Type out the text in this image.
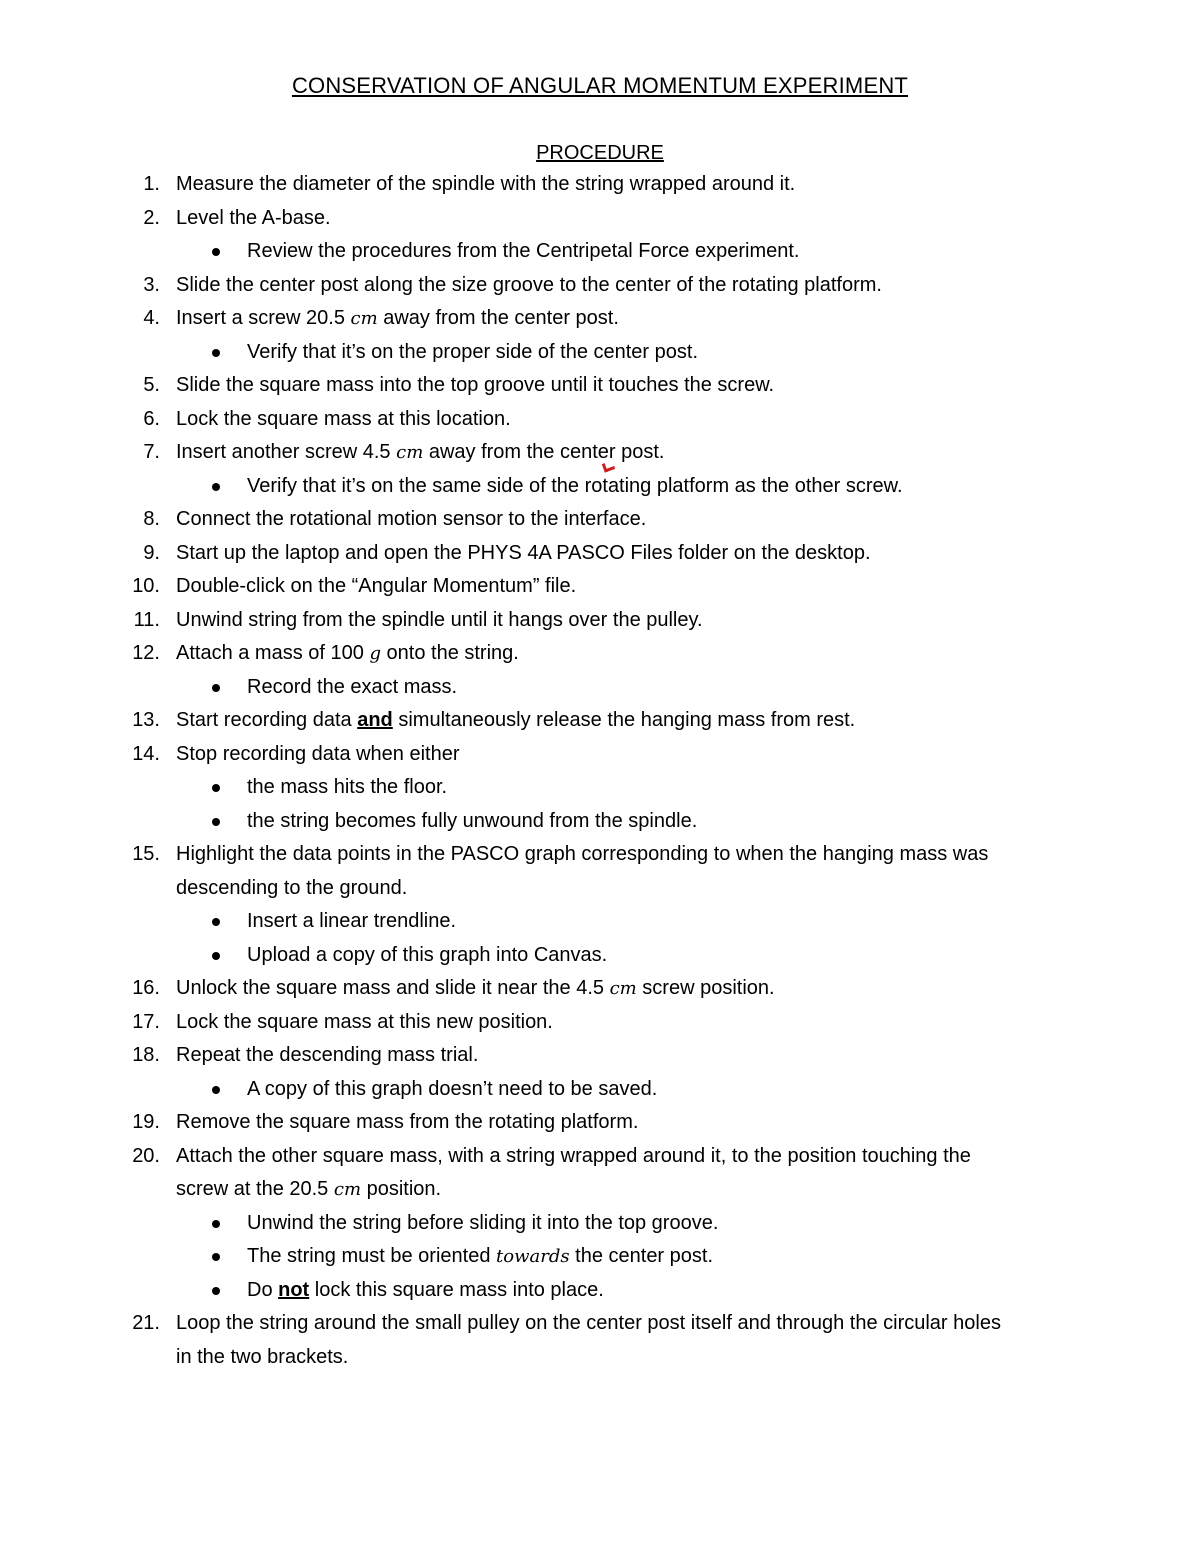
CONSERVATION OF ANGULAR MOMENTUM EXPERIMENT
PROCEDURE
1. Measure the diameter of the spindle with the string wrapped around it.
2. Level the A-base.
Review the procedures from the Centripetal Force experiment.
3. Slide the center post along the size groove to the center of the rotating platform.
4. Insert a screw 20.5 cm away from the center post.
Verify that it’s on the proper side of the center post.
5. Slide the square mass into the top groove until it touches the screw.
6. Lock the square mass at this location.
7. Insert another screw 4.5 cm away from the center post.
Verify that it’s on the same side of the rotating platform as the other screw.
8. Connect the rotational motion sensor to the interface.
9. Start up the laptop and open the PHYS 4A PASCO Files folder on the desktop.
10. Double-click on the “Angular Momentum” file.
11. Unwind string from the spindle until it hangs over the pulley.
12. Attach a mass of 100 g onto the string.
Record the exact mass.
13. Start recording data and simultaneously release the hanging mass from rest.
14. Stop recording data when either
the mass hits the floor.
the string becomes fully unwound from the spindle.
15. Highlight the data points in the PASCO graph corresponding to when the hanging mass was
descending to the ground.
Insert a linear trendline.
Upload a copy of this graph into Canvas.
16. Unlock the square mass and slide it near the 4.5 cm screw position.
17. Lock the square mass at this new position.
18. Repeat the descending mass trial.
A copy of this graph doesn’t need to be saved.
19. Remove the square mass from the rotating platform.
20. Attach the other square mass, with a string wrapped around it, to the position touching the
screw at the 20.5 cm position.
Unwind the string before sliding it into the top groove.
The string must be oriented towards the center post.
Do not lock this square mass into place.
21. Loop the string around the small pulley on the center post itself and through the circular holes
in the two brackets.
